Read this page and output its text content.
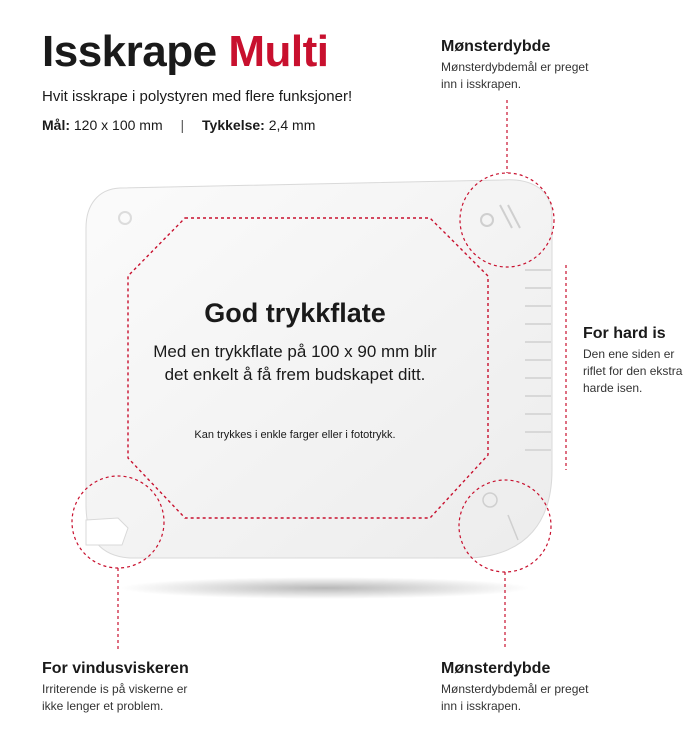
Isskrape Multi

Hvit isskrape i polystyren med flere funksjoner!

Mål: 120 x 100 mm | Tykkelse: 2,4 mm

God trykkflate
Med en trykkflate på 100 x 90 mm blir det enkelt å få frem budskapet ditt.
Kan trykkes i enkle farger eller i fototrykk.
Mønsterdybde

Mønsterdybdemål er preget inn i isskrapen.

For hard is

Den ene siden er riflet for den ekstra harde isen.

For vindusviskeren

Irriterende is på viskerne er ikke lenger et problem.

Mønsterdybde

Mønsterdybdemål er preget inn i isskrapen.
